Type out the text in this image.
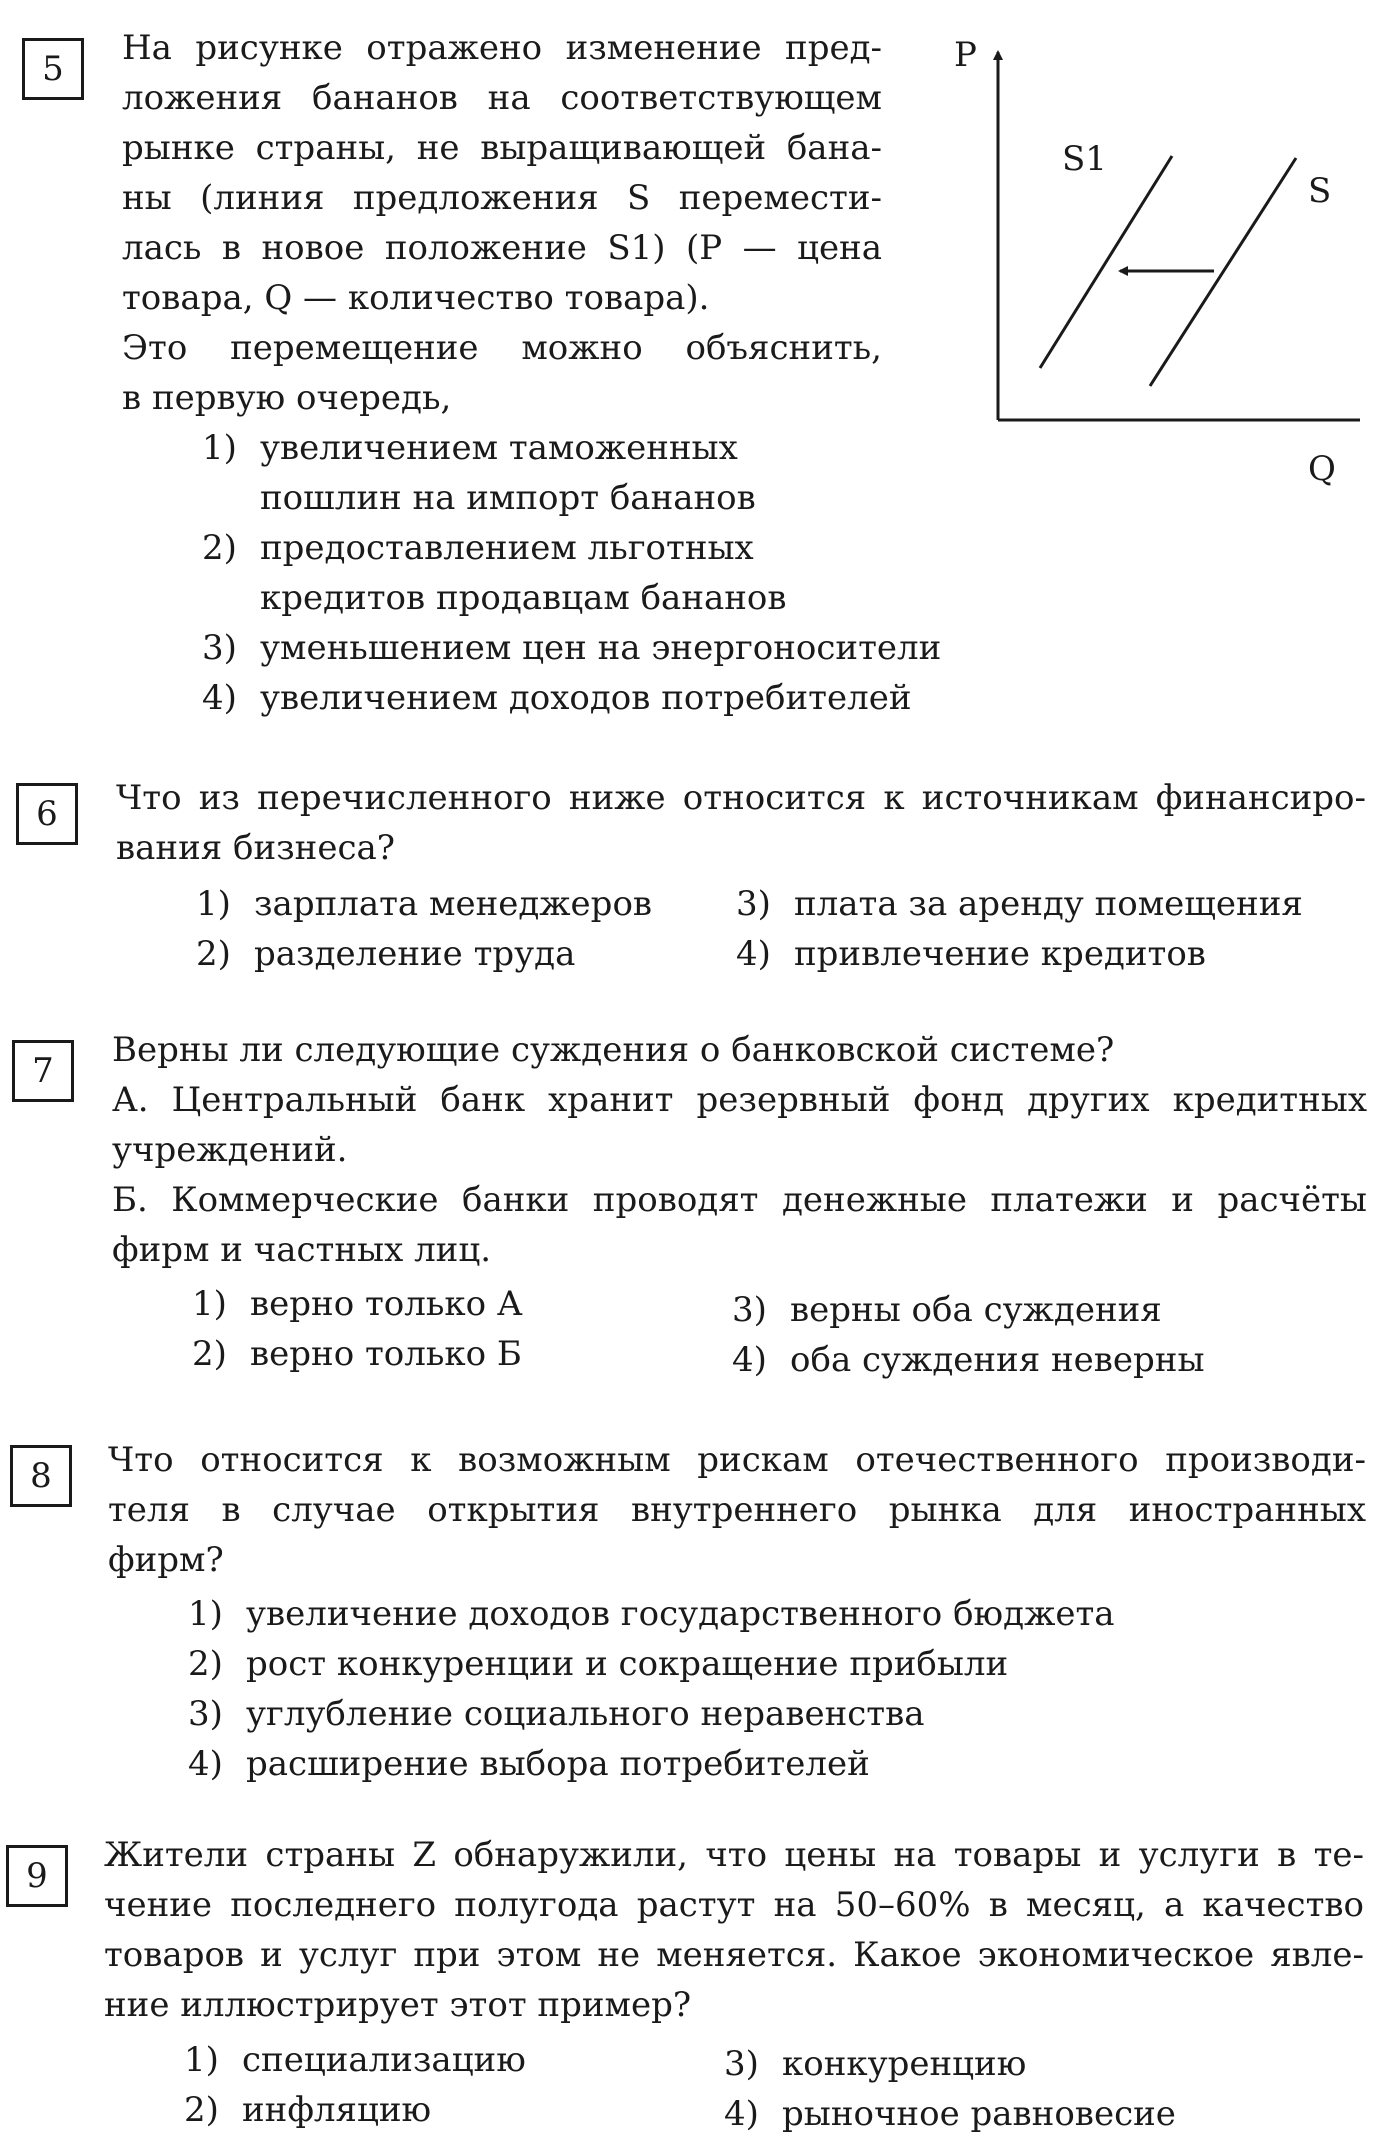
5
На рисунке отражено изменение пред-
ложения бананов на соответствующем
рынке страны, не выращивающей бана-
ны (линия предложения S перемести-
лась в новое положение S1) (P — цена
товара, Q — количество товара).
Это перемещение можно объяснить,
в первую очередь,
1) увеличением таможенных
пошлин на импорт бананов
2) предоставлением льготных
кредитов продавцам бананов
3) уменьшением цен на энергоносители
4) увеличением доходов потребителей
P
Q
S1
S
6 Что из перечисленного ниже относится к источникам финансиро-
вания бизнеса?
1) зарплата менеджеров
2) разделение труда
3) плата за аренду помещения
4) привлечение кредитов
7
Верны ли следующие суждения о банковской системе?
А. Центральный банк хранит резервный фонд других кредитных
учреждений.
Б. Коммерческие банки проводят денежные платежи и расчёты
фирм и частных лиц.
1) верно только А
2) верно только Б
3) верны оба суждения
4) оба суждения неверны
8 Что относится к возможным рискам отечественного производи-
теля в случае открытия внутреннего рынка для иностранных
фирм?
1) увеличение доходов государственного бюджета
2) рост конкуренции и сокращение прибыли
3) углубление социального неравенства
4) расширение выбора потребителей
9
Жители страны Z обнаружили, что цены на товары и услуги в те-
чение последнего полугода растут на 50–60% в месяц, а качество
товаров и услуг при этом не меняется. Какое экономическое явле-
ние иллюстрирует этот пример?
1) специализацию
2) инфляцию
3) конкуренцию
4) рыночное равновесие
